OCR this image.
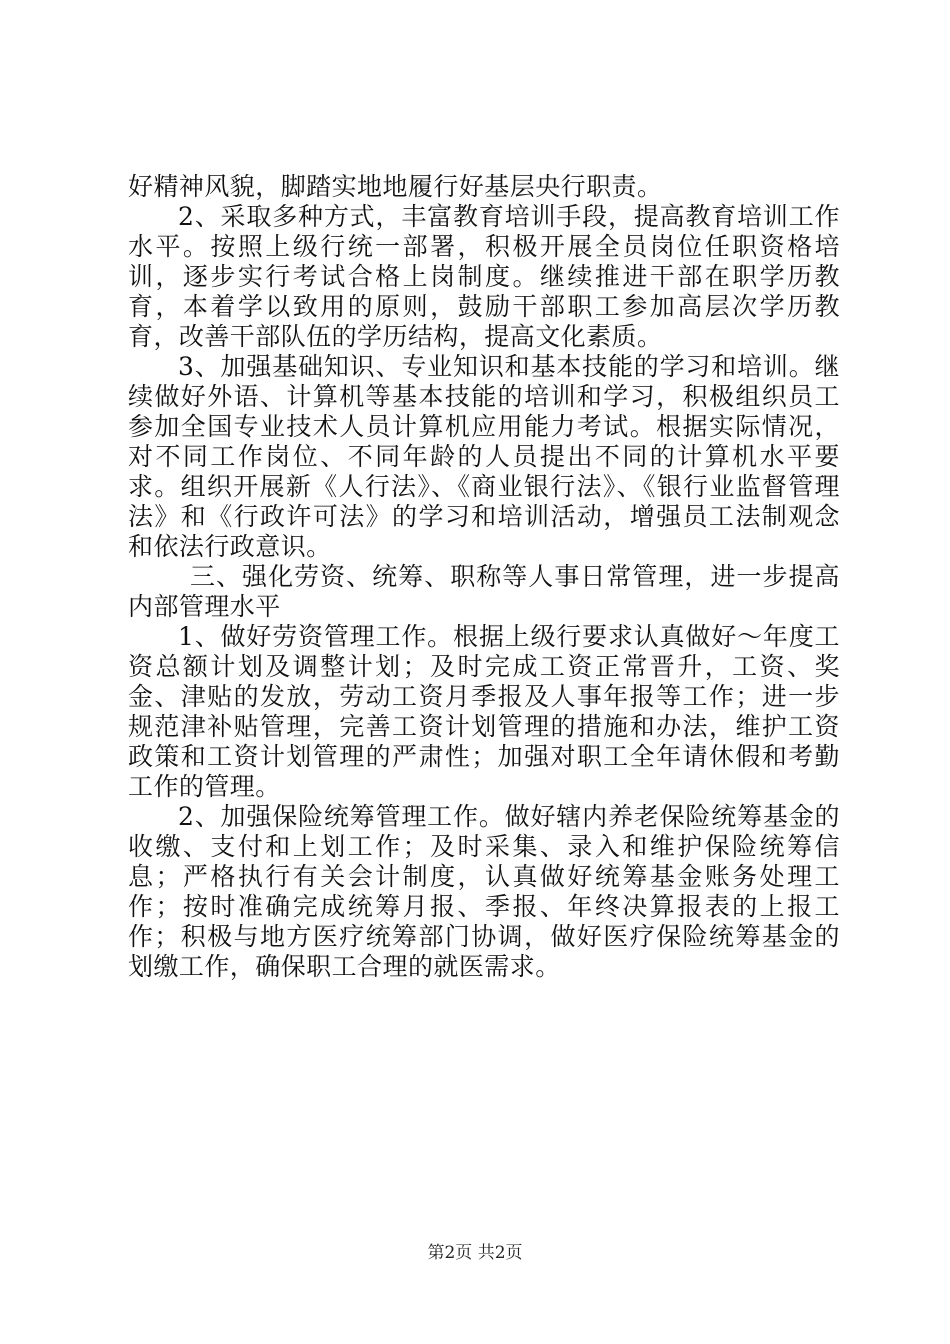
好精神风貌，脚踏实地地履行好基层央行职责。

2、采取多种方式，丰富教育培训手段，提高教育培训工作水平。按照上级行统一部署，积极开展全员岗位任职资格培训，逐步实行考试合格上岗制度。继续推进干部在职学历教育，本着学以致用的原则，鼓励干部职工参加高层次学历教育，改善干部队伍的学历结构，提高文化素质。

3、加强基础知识、专业知识和基本技能的学习和培训。继续做好外语、计算机等基本技能的培训和学习，积极组织员工参加全国专业技术人员计算机应用能力考试。根据实际情况，对不同工作岗位、不同年龄的人员提出不同的计算机水平要求。组织开展新《人行法》、《商业银行法》、《银行业监督管理法》和《行政许可法》的学习和培训活动，增强员工法制观念和依法行政意识。

三、强化劳资、统筹、职称等人事日常管理，进一步提高内部管理水平

1、做好劳资管理工作。根据上级行要求认真做好～年度工资总额计划及调整计划；及时完成工资正常晋升，工资、奖金、津贴的发放，劳动工资月季报及人事年报等工作；进一步规范津补贴管理，完善工资计划管理的措施和办法，维护工资政策和工资计划管理的严肃性；加强对职工全年请休假和考勤工作的管理。

2、加强保险统筹管理工作。做好辖内养老保险统筹基金的收缴、支付和上划工作；及时采集、录入和维护保险统筹信息；严格执行有关会计制度，认真做好统筹基金账务处理工作；按时准确完成统筹月报、季报、年终决算报表的上报工作；积极与地方医疗统筹部门协调，做好医疗保险统筹基金的划缴工作，确保职工合理的就医需求。

第2页 共2页
